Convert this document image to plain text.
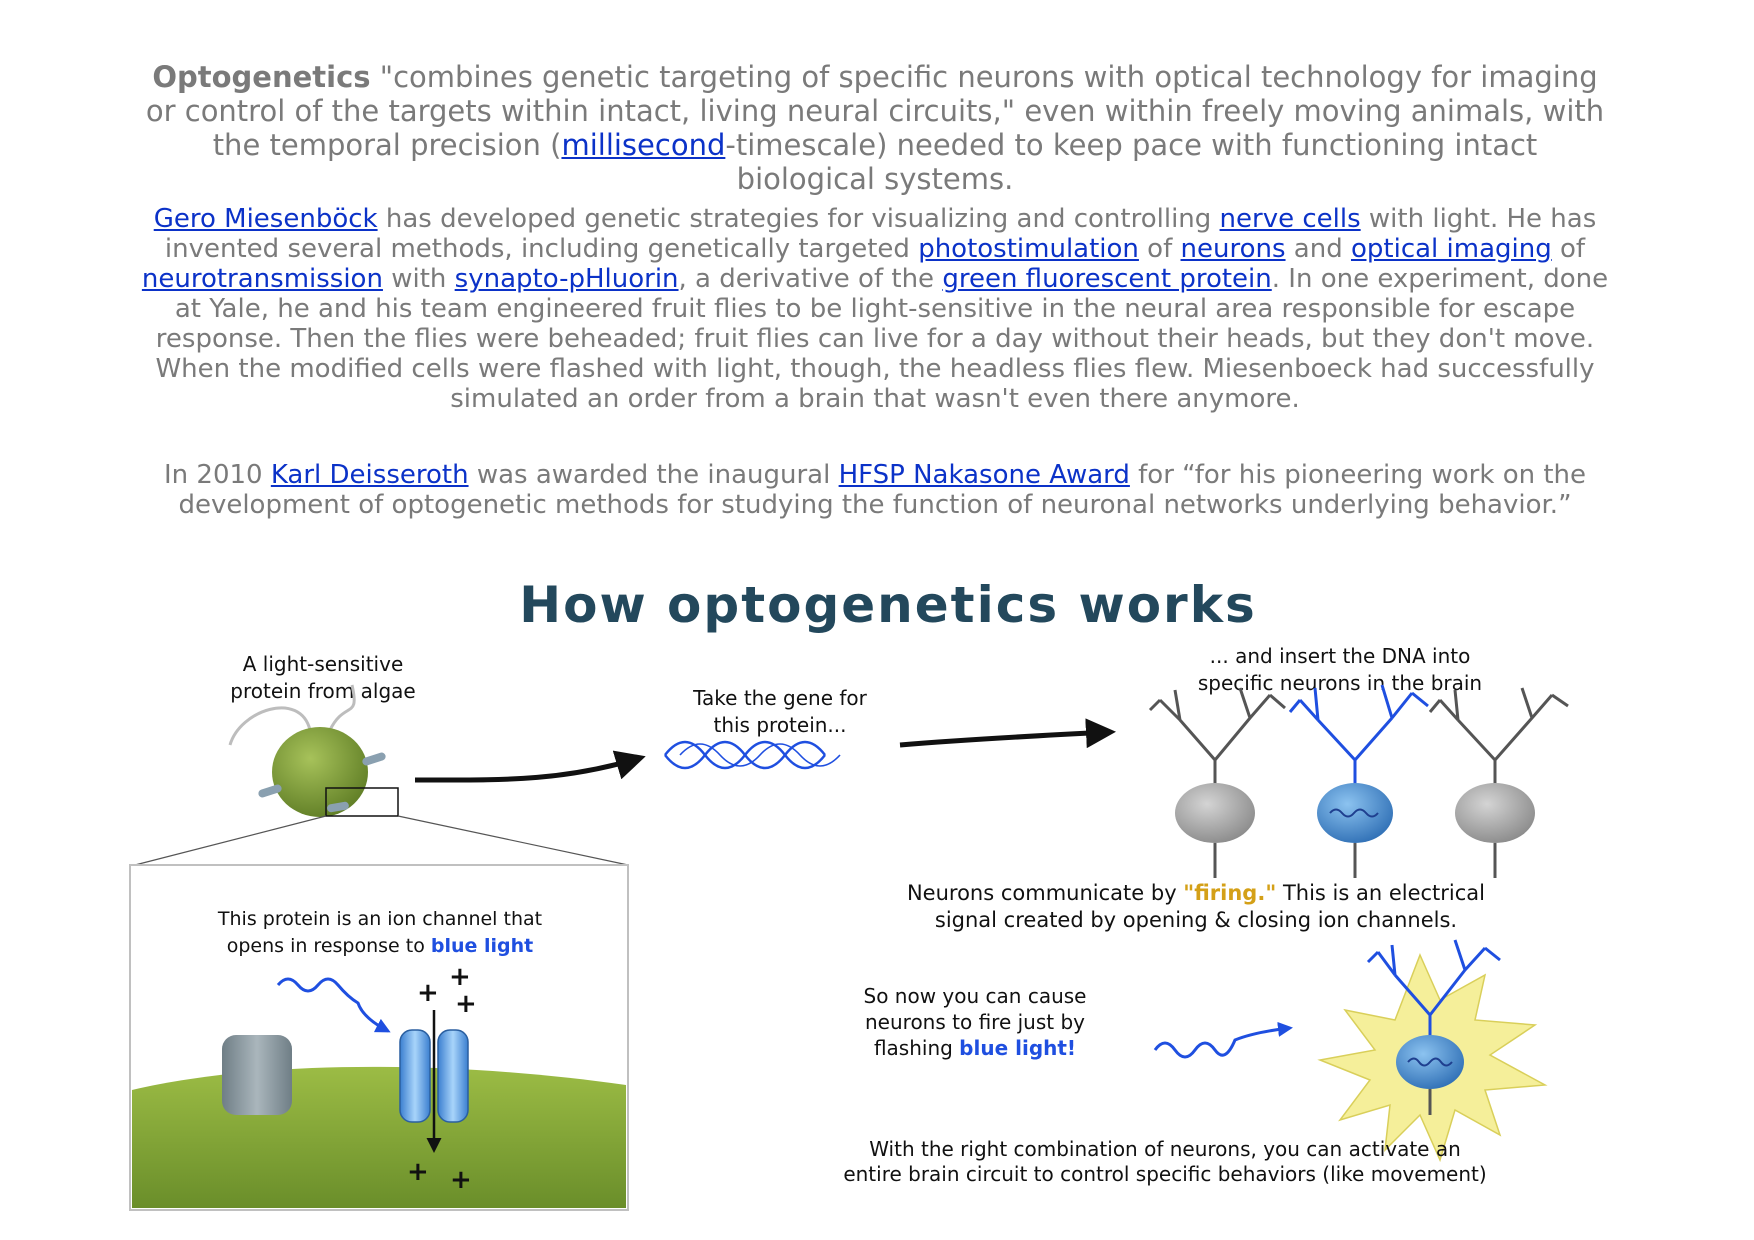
Optogenetics "combines genetic targeting of specific neurons with optical technology for imaging or control of the targets within intact, living neural circuits," even within freely moving animals, with the temporal precision (millisecond-timescale) needed to keep pace with functioning intact biological systems.
Gero Miesenböck has developed genetic strategies for visualizing and controlling nerve cells with light. He has invented several methods, including genetically targeted photostimulation of neurons and optical imaging of neurotransmission with synapto-pHluorin, a derivative of the green fluorescent protein. In one experiment, done at Yale, he and his team engineered fruit flies to be light-sensitive in the neural area responsible for escape response. Then the flies were beheaded; fruit flies can live for a day without their heads, but they don't move. When the modified cells were flashed with light, though, the headless flies flew. Miesenboeck had successfully simulated an order from a brain that wasn't even there anymore.
In 2010 Karl Deisseroth was awarded the inaugural HFSP Nakasone Award for “for his pioneering work on the development of optogenetic methods for studying the function of neuronal networks underlying behavior.”
How optogenetics works
A light-sensitive
protein from algae	Take the gene for
this protein...
... and insert the DNA into
specific neurons in the brain
This protein is an ion channel that
opens in response to blue light
+
+
+
+ +
Neurons communicate by "firing." This is an electrical
signal created by opening & closing ion channels.
So now you can cause
neurons to fire just by
flashing blue light!
With the right combination of neurons, you can activate an
entire brain circuit to control specific behaviors (like movement)
